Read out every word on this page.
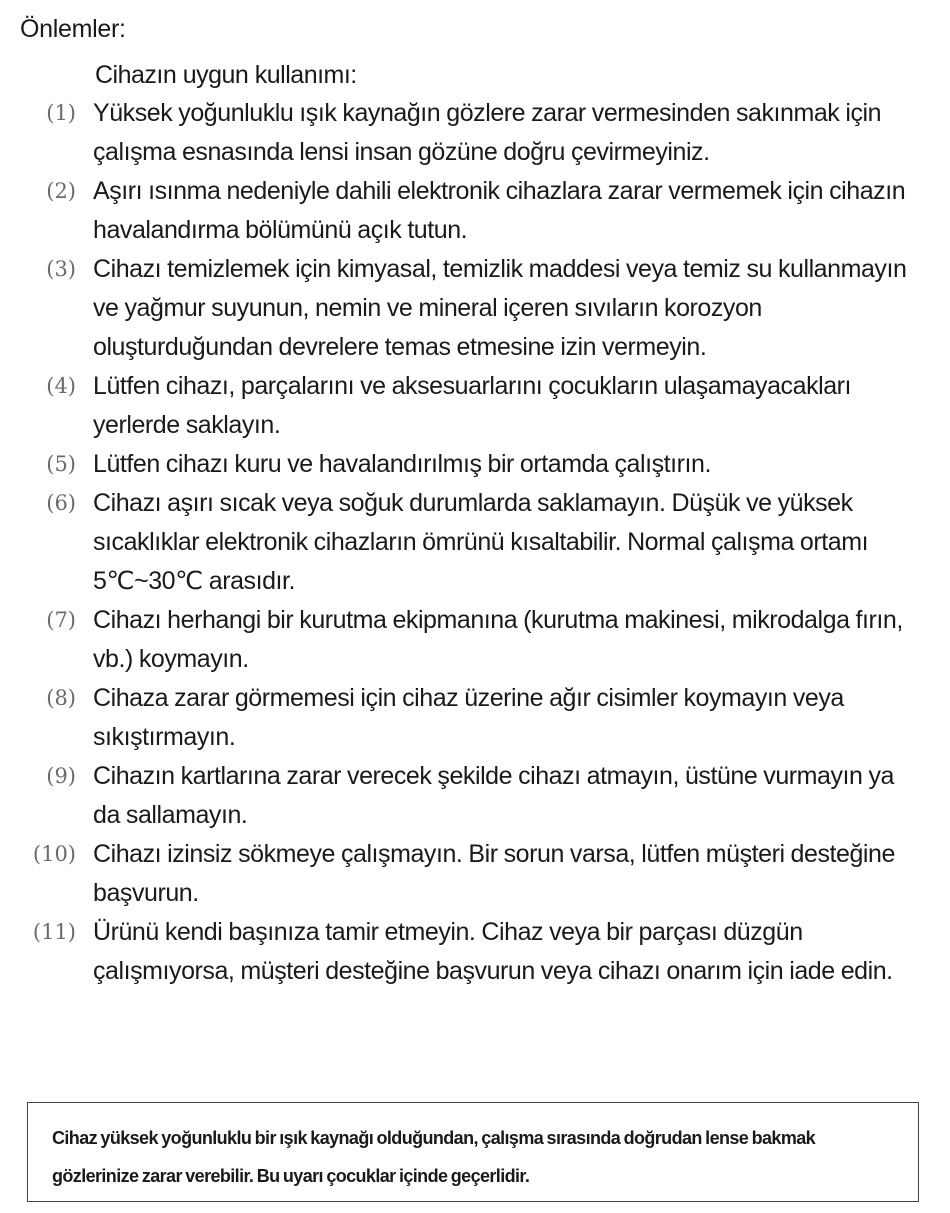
Önlemler:
Cihazın uygun kullanımı:
(1) Yüksek yoğunluklu ışık kaynağın gözlere zarar vermesinden sakınmak için çalışma esnasında lensi insan gözüne doğru çevirmeyiniz.
(2) Aşırı ısınma nedeniyle dahili elektronik cihazlara zarar vermemek için cihazın havalandırma bölümünü açık tutun.
(3) Cihazı temizlemek için kimyasal, temizlik maddesi veya temiz su kullanmayın ve yağmur suyunun, nemin ve mineral içeren sıvıların korozyon oluşturduğundan devrelere temas etmesine izin vermeyin.
(4) Lütfen cihazı, parçalarını ve aksesuarlarını çocukların ulaşamayacakları yerlerde saklayın.
(5) Lütfen cihazı kuru ve havalandırılmış bir ortamda çalıştırın.
(6) Cihazı aşırı sıcak veya soğuk durumlarda saklamayın. Düşük ve yüksek sıcaklıklar elektronik cihazların ömrünü kısaltabilir. Normal çalışma ortamı 5℃~30℃ arasıdır.
(7) Cihazı herhangi bir kurutma ekipmanına (kurutma makinesi, mikrodalga fırın, vb.) koymayın.
(8) Cihaza zarar görmemesi için cihaz üzerine ağır cisimler koymayın veya sıkıştırmayın.
(9) Cihazın kartlarına zarar verecek şekilde cihazı atmayın, üstüne vurmayın ya da sallamayın.
(10) Cihazı izinsiz sökmeye çalışmayın. Bir sorun varsa, lütfen müşteri desteğine başvurun.
(11) Ürünü kendi başınıza tamir etmeyin. Cihaz veya bir parçası düzgün çalışmıyorsa, müşteri desteğine başvurun veya cihazı onarım için iade edin.
Cihaz yüksek yoğunluklu bir ışık kaynağı olduğundan, çalışma sırasında doğrudan lense bakmak gözlerinize zarar verebilir. Bu uyarı çocuklar içinde geçerlidir.
